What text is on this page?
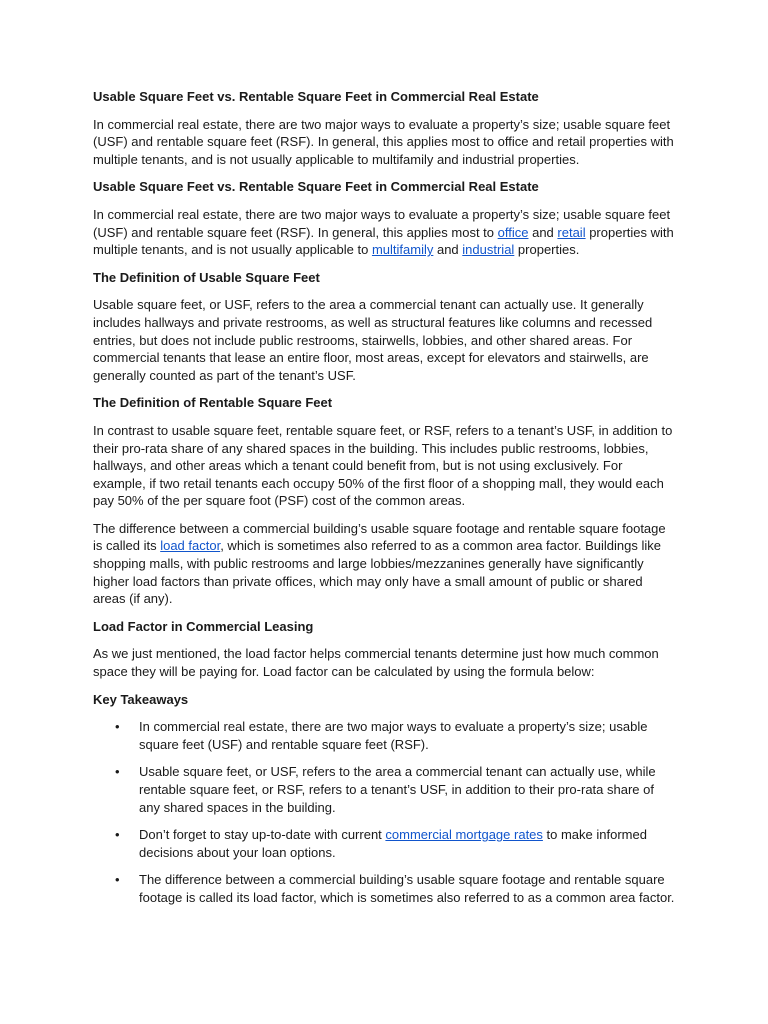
Usable Square Feet vs. Rentable Square Feet in Commercial Real Estate
In commercial real estate, there are two major ways to evaluate a property’s size; usable square feet (USF) and rentable square feet (RSF). In general, this applies most to office and retail properties with multiple tenants, and is not usually applicable to multifamily and industrial properties.
Usable Square Feet vs. Rentable Square Feet in Commercial Real Estate
In commercial real estate, there are two major ways to evaluate a property’s size; usable square feet (USF) and rentable square feet (RSF). In general, this applies most to office and retail properties with multiple tenants, and is not usually applicable to multifamily and industrial properties.
The Definition of Usable Square Feet
Usable square feet, or USF, refers to the area a commercial tenant can actually use. It generally includes hallways and private restrooms, as well as structural features like columns and recessed entries, but does not include public restrooms, stairwells, lobbies, and other shared areas. For commercial tenants that lease an entire floor, most areas, except for elevators and stairwells, are generally counted as part of the tenant’s USF.
The Definition of Rentable Square Feet
In contrast to usable square feet, rentable square feet, or RSF, refers to a tenant’s USF, in addition to their pro-rata share of any shared spaces in the building. This includes public restrooms, lobbies, hallways, and other areas which a tenant could benefit from, but is not using exclusively. For example, if two retail tenants each occupy 50% of the first floor of a shopping mall, they would each pay 50% of the per square foot (PSF) cost of the common areas.
The difference between a commercial building’s usable square footage and rentable square footage is called its load factor, which is sometimes also referred to as a common area factor. Buildings like shopping malls, with public restrooms and large lobbies/mezzanines generally have significantly higher load factors than private offices, which may only have a small amount of public or shared areas (if any).
Load Factor in Commercial Leasing
As we just mentioned, the load factor helps commercial tenants determine just how much common space they will be paying for. Load factor can be calculated by using the formula below:
Key Takeaways
• In commercial real estate, there are two major ways to evaluate a property’s size; usable square feet (USF) and rentable square feet (RSF).
• Usable square feet, or USF, refers to the area a commercial tenant can actually use, while rentable square feet, or RSF, refers to a tenant’s USF, in addition to their pro-rata share of any shared spaces in the building.
• Don’t forget to stay up-to-date with current commercial mortgage rates to make informed decisions about your loan options.
• The difference between a commercial building’s usable square footage and rentable square footage is called its load factor, which is sometimes also referred to as a common area factor.
